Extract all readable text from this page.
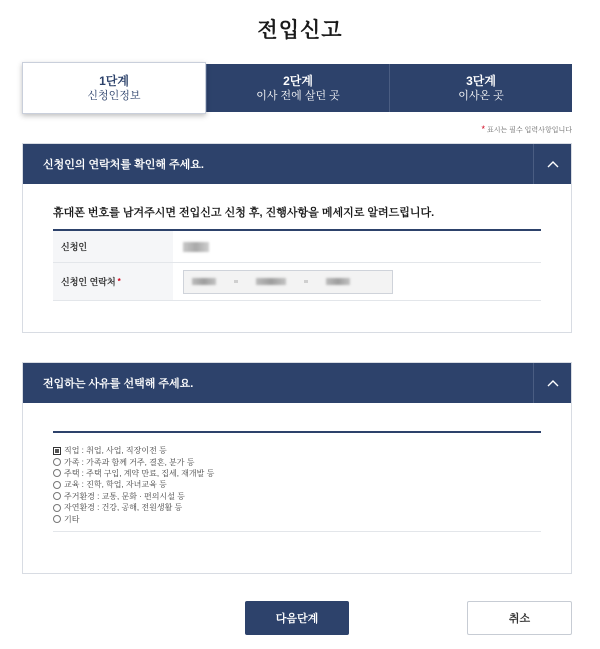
전입신고
1단계
신청인정보
2단계
이사 전에 살던 곳
3단계
이사온 곳
* 표시는 필수 입력사항입니다
신청인의 연락처를 확인해 주세요.
휴대폰 번호를 남겨주시면 전입신고 신청 후, 진행사항을 메세지로 알려드립니다.
신청인
신청인 연락처 *
전입하는 사유를 선택해 주세요.
직업 : 취업, 사업, 직장이전 등
가족 : 가족과 함께 거주, 결혼, 분가 등
주택 : 주택 구입, 계약 만료, 집세, 재개발 등
교육 : 진학, 학업, 자녀교육 등
주거환경 : 교통, 문화 · 편의시설 등
자연환경 : 건강, 공해, 전원생활 등
기타
다음단계	취소
